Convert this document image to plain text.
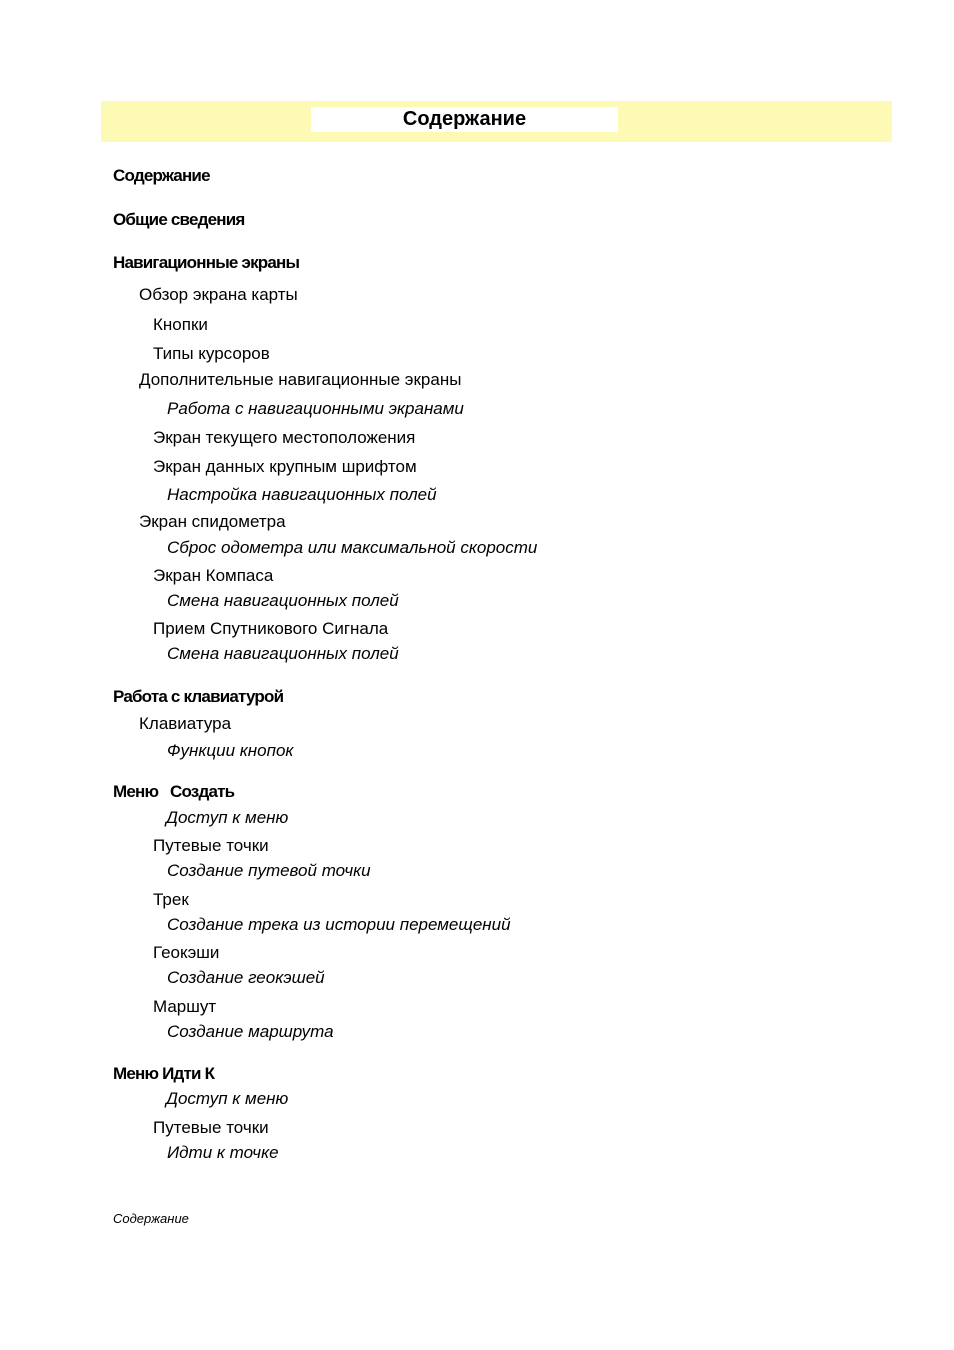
Содержание
Содержание
Общие сведения
Навигационные экраны
Обзор экрана карты
Кнопки
Типы курсоров
Дополнительные навигационные экраны
Работа с навигационными экранами
Экран текущего местоположения
Экран данных крупным шрифтом
Настройка навигационных полей
Экран спидометра
Сброс одометра или максимальной скорости
Экран Компаса
Смена навигационных полей
Прием Спутникового Сигнала
Смена навигационных полей
Работа с клавиатурой
Клавиатура
Функции кнопок
Меню   Создать
Доступ к меню
Путевые точки
Создание путевой точки
Трек
Создание трека из истории перемещений
Геокэши
Создание геокэшей
Маршут
Создание маршрута
Меню Идти К
Доступ к меню
Путевые точки
Идти к точке
Содержание
